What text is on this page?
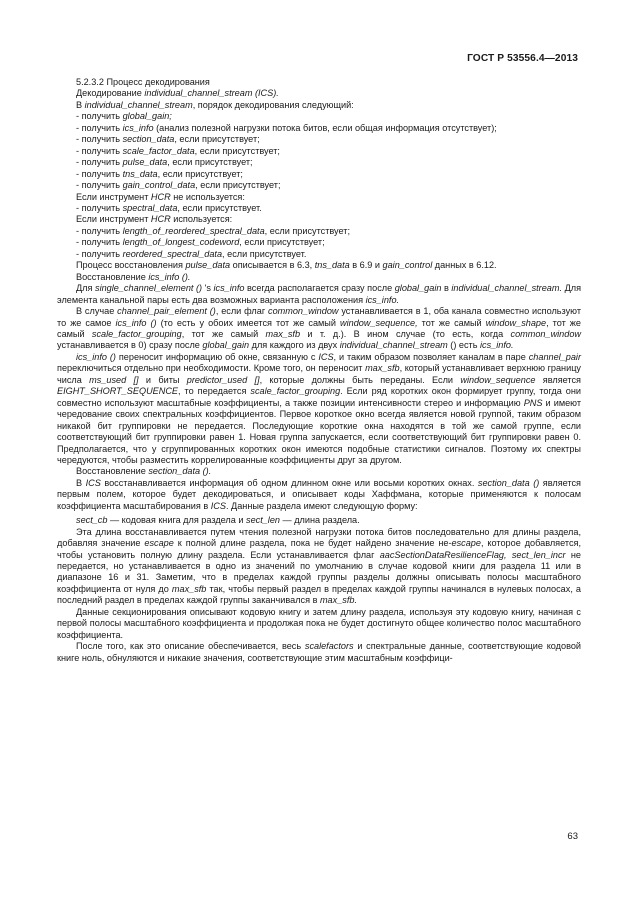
ГОСТ Р 53556.4—2013

5.2.3.2 Процесс декодирования

Декодирование individual_channel_stream (ICS).

В individual_channel_stream, порядок декодирования следующий:

- получить global_gain;

- получить ics_info (анализ полезной нагрузки потока битов, если общая информация отсутствует);

- получить section_data, если присутствует;

- получить scale_factor_data, если присутствует;

- получить pulse_data, если присутствует;

- получить tns_data, если присутствует;

- получить gain_control_data, если присутствует;

Если инструмент HCR не используется:

- получить spectral_data, если присутствует.

Если инструмент HCR используется:

- получить length_of_reordered_spectral_data, если присутствует;

- получить length_of_longest_codeword, если присутствует;

- получить reordered_spectral_data, если присутствует.

Процесс восстановления pulse_data описывается в 6.3, tns_data в 6.9 и gain_control данных в 6.12.

Восстановление ics_info ().

Для single_channel_element () 's ics_info всегда располагается сразу после global_gain в individual_channel_stream. Для элемента канальной пары есть два возможных варианта расположения ics_info.

В случае channel_pair_element (), если флаг common_window устанавливается в 1, оба канала совместно используют то же самое ics_info () (то есть у обоих имеется тот же самый window_sequence, тот же самый window_shape, тот же самый scale_factor_grouping, тот же самый max_sfb и т. д.). В ином случае (то есть, когда common_window устанавливается в 0) сразу после global_gain для каждого из двух individual_channel_stream () есть ics_info.

ics_info () переносит информацию об окне, связанную с ICS, и таким образом позволяет каналам в паре channel_pair переключиться отдельно при необходимости. Кроме того, он переносит max_sfb, который устанавливает верхнюю границу числа ms_used [] и биты predictor_used [], которые должны быть переданы. Если window_sequence является EIGHT_SHORT_SEQUENCE, то передается scale_factor_grouping. Если ряд коротких окон формирует группу, тогда они совместно используют масштабные коэффициенты, а также позиции интенсивности стерео и информацию PNS и имеют чередование своих спектральных коэффициентов. Первое короткое окно всегда является новой группой, таким образом никакой бит группировки не передается. Последующие короткие окна находятся в той же самой группе, если соответствующий бит группировки равен 1. Новая группа запускается, если соответствующий бит группировки равен 0. Предполагается, что у сгруппированных коротких окон имеются подобные статистики сигналов. Поэтому их спектры чередуются, чтобы разместить коррелированные коэффициенты друг за другом.

Восстановление section_data ().

В ICS восстанавливается информация об одном длинном окне или восьми коротких окнах. section_data () является первым полем, которое будет декодироваться, и описывает коды Хаффмана, которые применяются к полосам коэффициента масштабирования в ICS. Данные раздела имеют следующую форму:

sect_cb — кодовая книга для раздела и sect_len — длина раздела.

Эта длина восстанавливается путем чтения полезной нагрузки потока битов последовательно для длины раздела, добавляя значение escape к полной длине раздела, пока не будет найдено значение не-escape, которое добавляется, чтобы установить полную длину раздела. Если устанавливается флаг aacSectionDataResilienceFlag, sect_len_incr не передается, но устанавливается в одно из значений по умолчанию в случае кодовой книги для раздела 11 или в диапазоне 16 и 31. Заметим, что в пределах каждой группы разделы должны описывать полосы масштабного коэффициента от нуля до max_sfb так, чтобы первый раздел в пределах каждой группы начинался в нулевых полосах, а последний раздел в пределах каждой группы заканчивался в max_sfb.

Данные секционирования описывают кодовую книгу и затем длину раздела, используя эту кодовую книгу, начиная с первой полосы масштабного коэффициента и продолжая пока не будет достигнуто общее количество полос масштабного коэффициента.

После того, как это описание обеспечивается, весь scalefactors и спектральные данные, соответствующие кодовой книге ноль, обнуляются и никакие значения, соответствующие этим масштабным коэффици-

63
